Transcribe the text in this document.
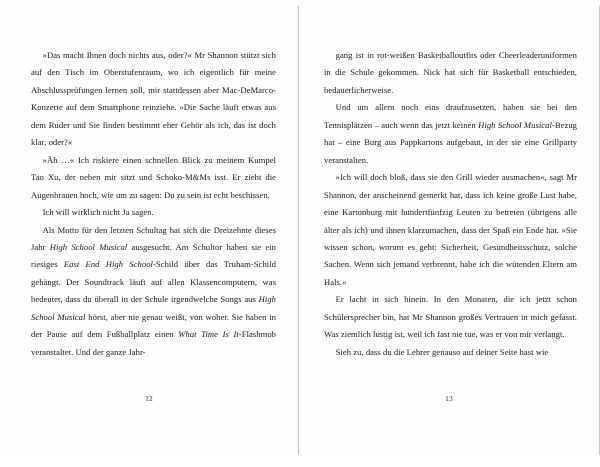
»Das macht Ihnen doch nichts aus, oder?« Mr Shannon stützt sich auf den Tisch im Oberstufenraum, wo ich eigentlich für meine Abschlussprüfungen lernen soll, mir stattdessen aber Mac-DeMarco-Konzerte auf dem Smartphone reinziehe. »Die Sache läuft etwas aus dem Ruder und Sie finden bestimmt eher Gehör als ich, das ist doch klar, oder?«

»Äh …« Ich riskiere einen schnellen Blick zu meinem Kumpel Tao Xu, der neben mir sitzt und Schoko-M&Ms isst. Er zieht die Augenbrauen hoch, wie um zu sagen: Du zu sein ist echt beschissen.

Ich will wirklich nicht Ja sagen.

Als Motto für den letzten Schultag hat sich die Dreizehnte dieses Jahr High School Musical ausgesucht. Am Schultor haben sie ein riesiges East End High School-Schild über das Truham-Schild gehängt. Der Soundtrack läuft auf allen Klassencomputern, was bedeutet, dass du überall in der Schule irgendwelche Songs aus High School Musical hörst, aber nie genau weißt, von woher. Sie haben in der Pause auf dem Fußballplatz einen What Time Is It-Flashmob veranstaltet. Und der ganze Jahr-

12

gang ist in rot-weißen Basketballoutfits oder Cheerleaderuniformen in die Schule gekommen. Nick hat sich für Basketball entschieden, bedauerlicherweise.

Und um allem noch eins draufzusetzen, haben sie bei den Tennisplätzen – auch wenn das jetzt keinen High School Musical-Bezug hat – eine Burg aus Pappkartons aufgebaut, in der sie eine Grillparty veranstalten.

»Ich will doch bloß, dass sie den Grill wieder ausmachen«, sagt Mr Shannon, der anscheinend gemerkt hat, dass ich keine große Lust habe, eine Kartonburg mit hundertfünfzig Leuten zu betreten (übrigens alle älter als ich) und ihnen klarzumachen, dass der Spaß ein Ende hat. »Sie wissen schon, worum es geht: Sicherheit, Gesundheitsschutz, solche Sachen. Wenn sich jemand verbrennt, habe ich die wütenden Eltern am Hals.«

Er lacht in sich hinein. In den Monaten, die ich jetzt schon Schülersprecher bin, hat Mr Shannon großes Vertrauen in mich gefasst. Was ziemlich lustig ist, weil ich fast nie tue, was er von mir verlangt.

Sieh zu, dass du die Lehrer genauso auf deiner Seite hast wie

13
